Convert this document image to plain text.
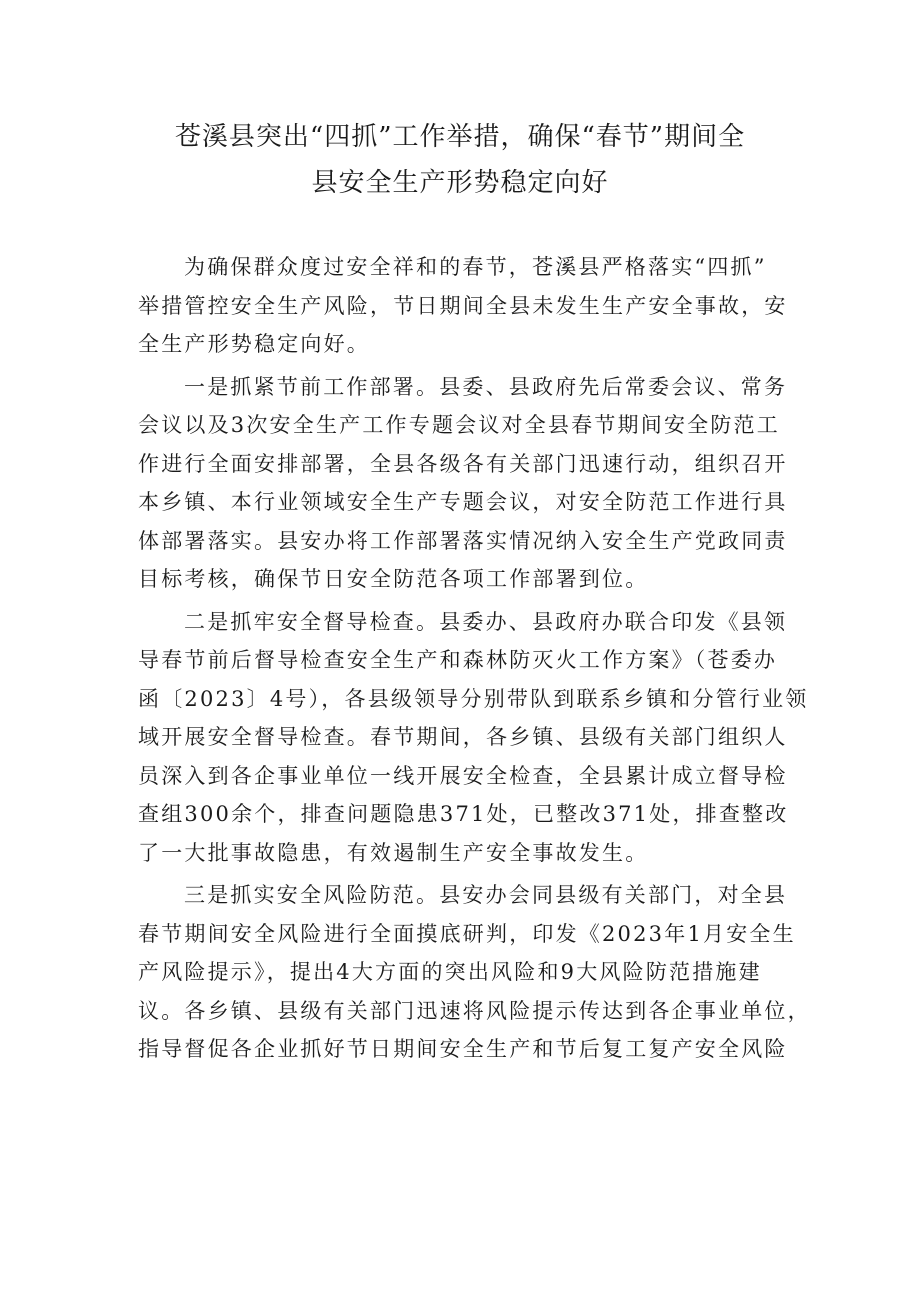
苍溪县突出“四抓”工作举措，确保“春节”期间全
县安全生产形势稳定向好

为确保群众度过安全祥和的春节，苍溪县严格落实“四抓”
举措管控安全生产风险，节日期间全县未发生生产安全事故，安
全生产形势稳定向好。

一是抓紧节前工作部署。县委、县政府先后常委会议、常务
会议以及3次安全生产工作专题会议对全县春节期间安全防范工
作进行全面安排部署，全县各级各有关部门迅速行动，组织召开
本乡镇、本行业领域安全生产专题会议，对安全防范工作进行具
体部署落实。县安办将工作部署落实情况纳入安全生产党政同责
目标考核，确保节日安全防范各项工作部署到位。

二是抓牢安全督导检查。县委办、县政府办联合印发《县领
导春节前后督导检查安全生产和森林防灭火工作方案》（苍委办
函〔2023〕4号），各县级领导分别带队到联系乡镇和分管行业领
域开展安全督导检查。春节期间，各乡镇、县级有关部门组织人
员深入到各企事业单位一线开展安全检查，全县累计成立督导检
查组300余个，排查问题隐患371处，已整改371处，排查整改
了一大批事故隐患，有效遏制生产安全事故发生。

三是抓实安全风险防范。县安办会同县级有关部门，对全县
春节期间安全风险进行全面摸底研判，印发《2023年1月安全生
产风险提示》，提出4大方面的突出风险和9大风险防范措施建
议。各乡镇、县级有关部门迅速将风险提示传达到各企事业单位，
指导督促各企业抓好节日期间安全生产和节后复工复产安全风险
